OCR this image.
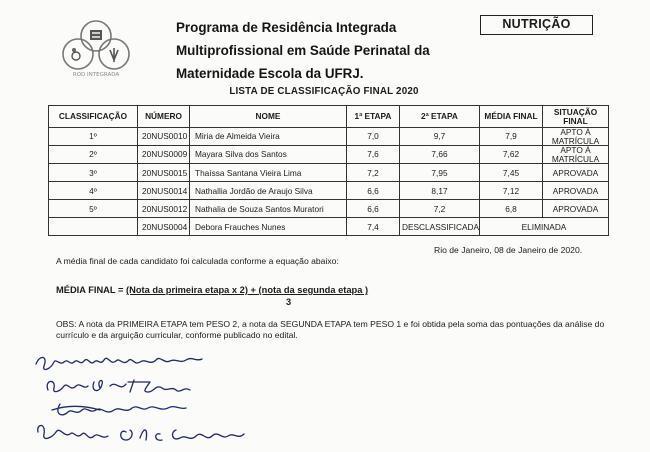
ROD INTEGRADA
Programa de Residência Integrada
Multiprofissional em Saúde Perinatal da
Maternidade Escola da UFRJ.
NUTRIÇÃO
LISTA DE CLASSIFICAÇÃO FINAL 2020
CLASSIFICAÇÃO	NÚMERO	NOME	1ª ETAPA	2ª ETAPA	MÉDIA FINAL	SITUAÇÃO FINAL
1º	20NUS0010	Miria de Almeida Vieira	7,0	9,7	7,9	APTO À MATRÍCULA
2º	20NUS0009	Mayara Silva dos Santos	7,6	7,66	7,62	APTO À MATRÍCULA
3º	20NUS0015	Thaíssa Santana Vieira Lima	7,2	7,95	7,45	APROVADA
4º	20NUS0014	Nathallia Jordão de Araujo Silva	6,6	8,17	7,12	APROVADA
5º	20NUS0012	Nathalia de Souza Santos Muratori	6,6	7,2	6,8	APROVADA
	20NUS0004	Debora Frauches Nunes	7,4	DESCLASSIFICADA	ELIMINADA	
Rio de Janeiro, 08 de Janeiro de 2020.
A média final de cada candidato foi calculada conforme a equação abaixo:
MÉDIA FINAL = (Nota da primeira etapa x 2) + (nota da segunda etapa )
3
OBS: A nota da PRIMEIRA ETAPA tem PESO 2, a nota da SEGUNDA ETAPA tem PESO 1 e foi obtida pela soma das pontuações da análise do currículo e da arguição curricular, conforme publicado no edital.
